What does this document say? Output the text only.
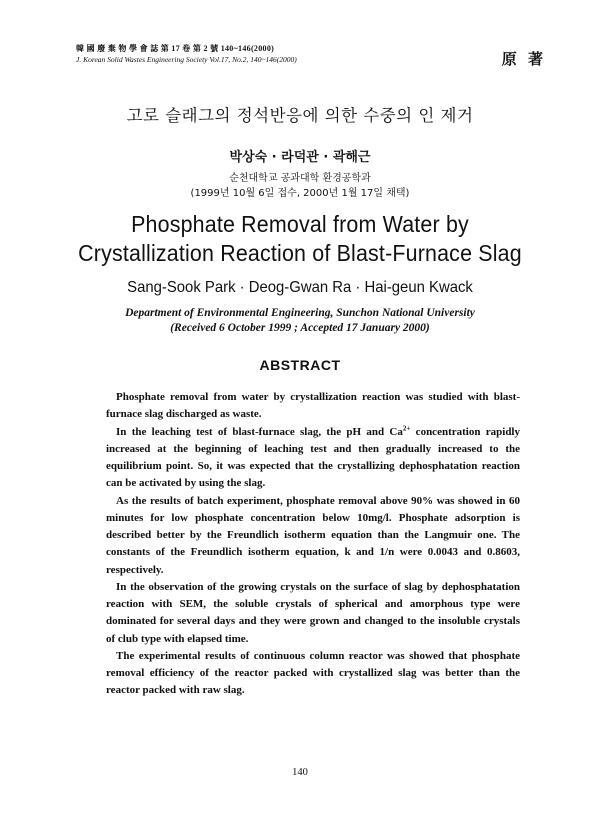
韓 國 廢 棄 物 學 會 誌 第 17 卷 第 2 號 140~146(2000)
J. Korean Solid Wastes Engineering Society Vol.17, No.2, 140~146(2000)	原 著
고로 슬래그의 정석반응에 의한 수중의 인 제거
박상숙 · 라덕관 · 곽해근
순천대학교 공과대학 환경공학과
(1999년 10월 6일 접수, 2000년 1월 17일 채택)
Phosphate Removal from Water by
Crystallization Reaction of Blast-Furnace Slag
Sang-Sook Park · Deog-Gwan Ra · Hai-geun Kwack
Department of Environmental Engineering, Sunchon National University
(Received 6 October 1999 ; Accepted 17 January 2000)
ABSTRACT

Phosphate removal from water by crystallization reaction was studied with blast-furnace slag discharged as waste.

In the leaching test of blast-furnace slag, the pH and $Ca^{2+}$ concentration rapidly increased at the beginning of leaching test and then gradually increased to the equilibrium point. So, it was expected that the crystallizing dephosphatation reaction can be activated by using the slag.

As the results of batch experiment, phosphate removal above 90% was showed in 60 minutes for low phosphate concentration below 10mg/l. Phosphate adsorption is described better by the Freundlich isotherm equation than the Langmuir one. The constants of the Freundlich isotherm equation, k and 1/n were 0.0043 and 0.8603, respectively.

In the observation of the growing crystals on the surface of slag by dephosphatation reaction with SEM, the soluble crystals of spherical and amorphous type were dominated for several days and they were grown and changed to the insoluble crystals of club type with elapsed time.

The experimental results of continuous column reactor was showed that phosphate removal efficiency of the reactor packed with crystallized slag was better than the reactor packed with raw slag.

140
